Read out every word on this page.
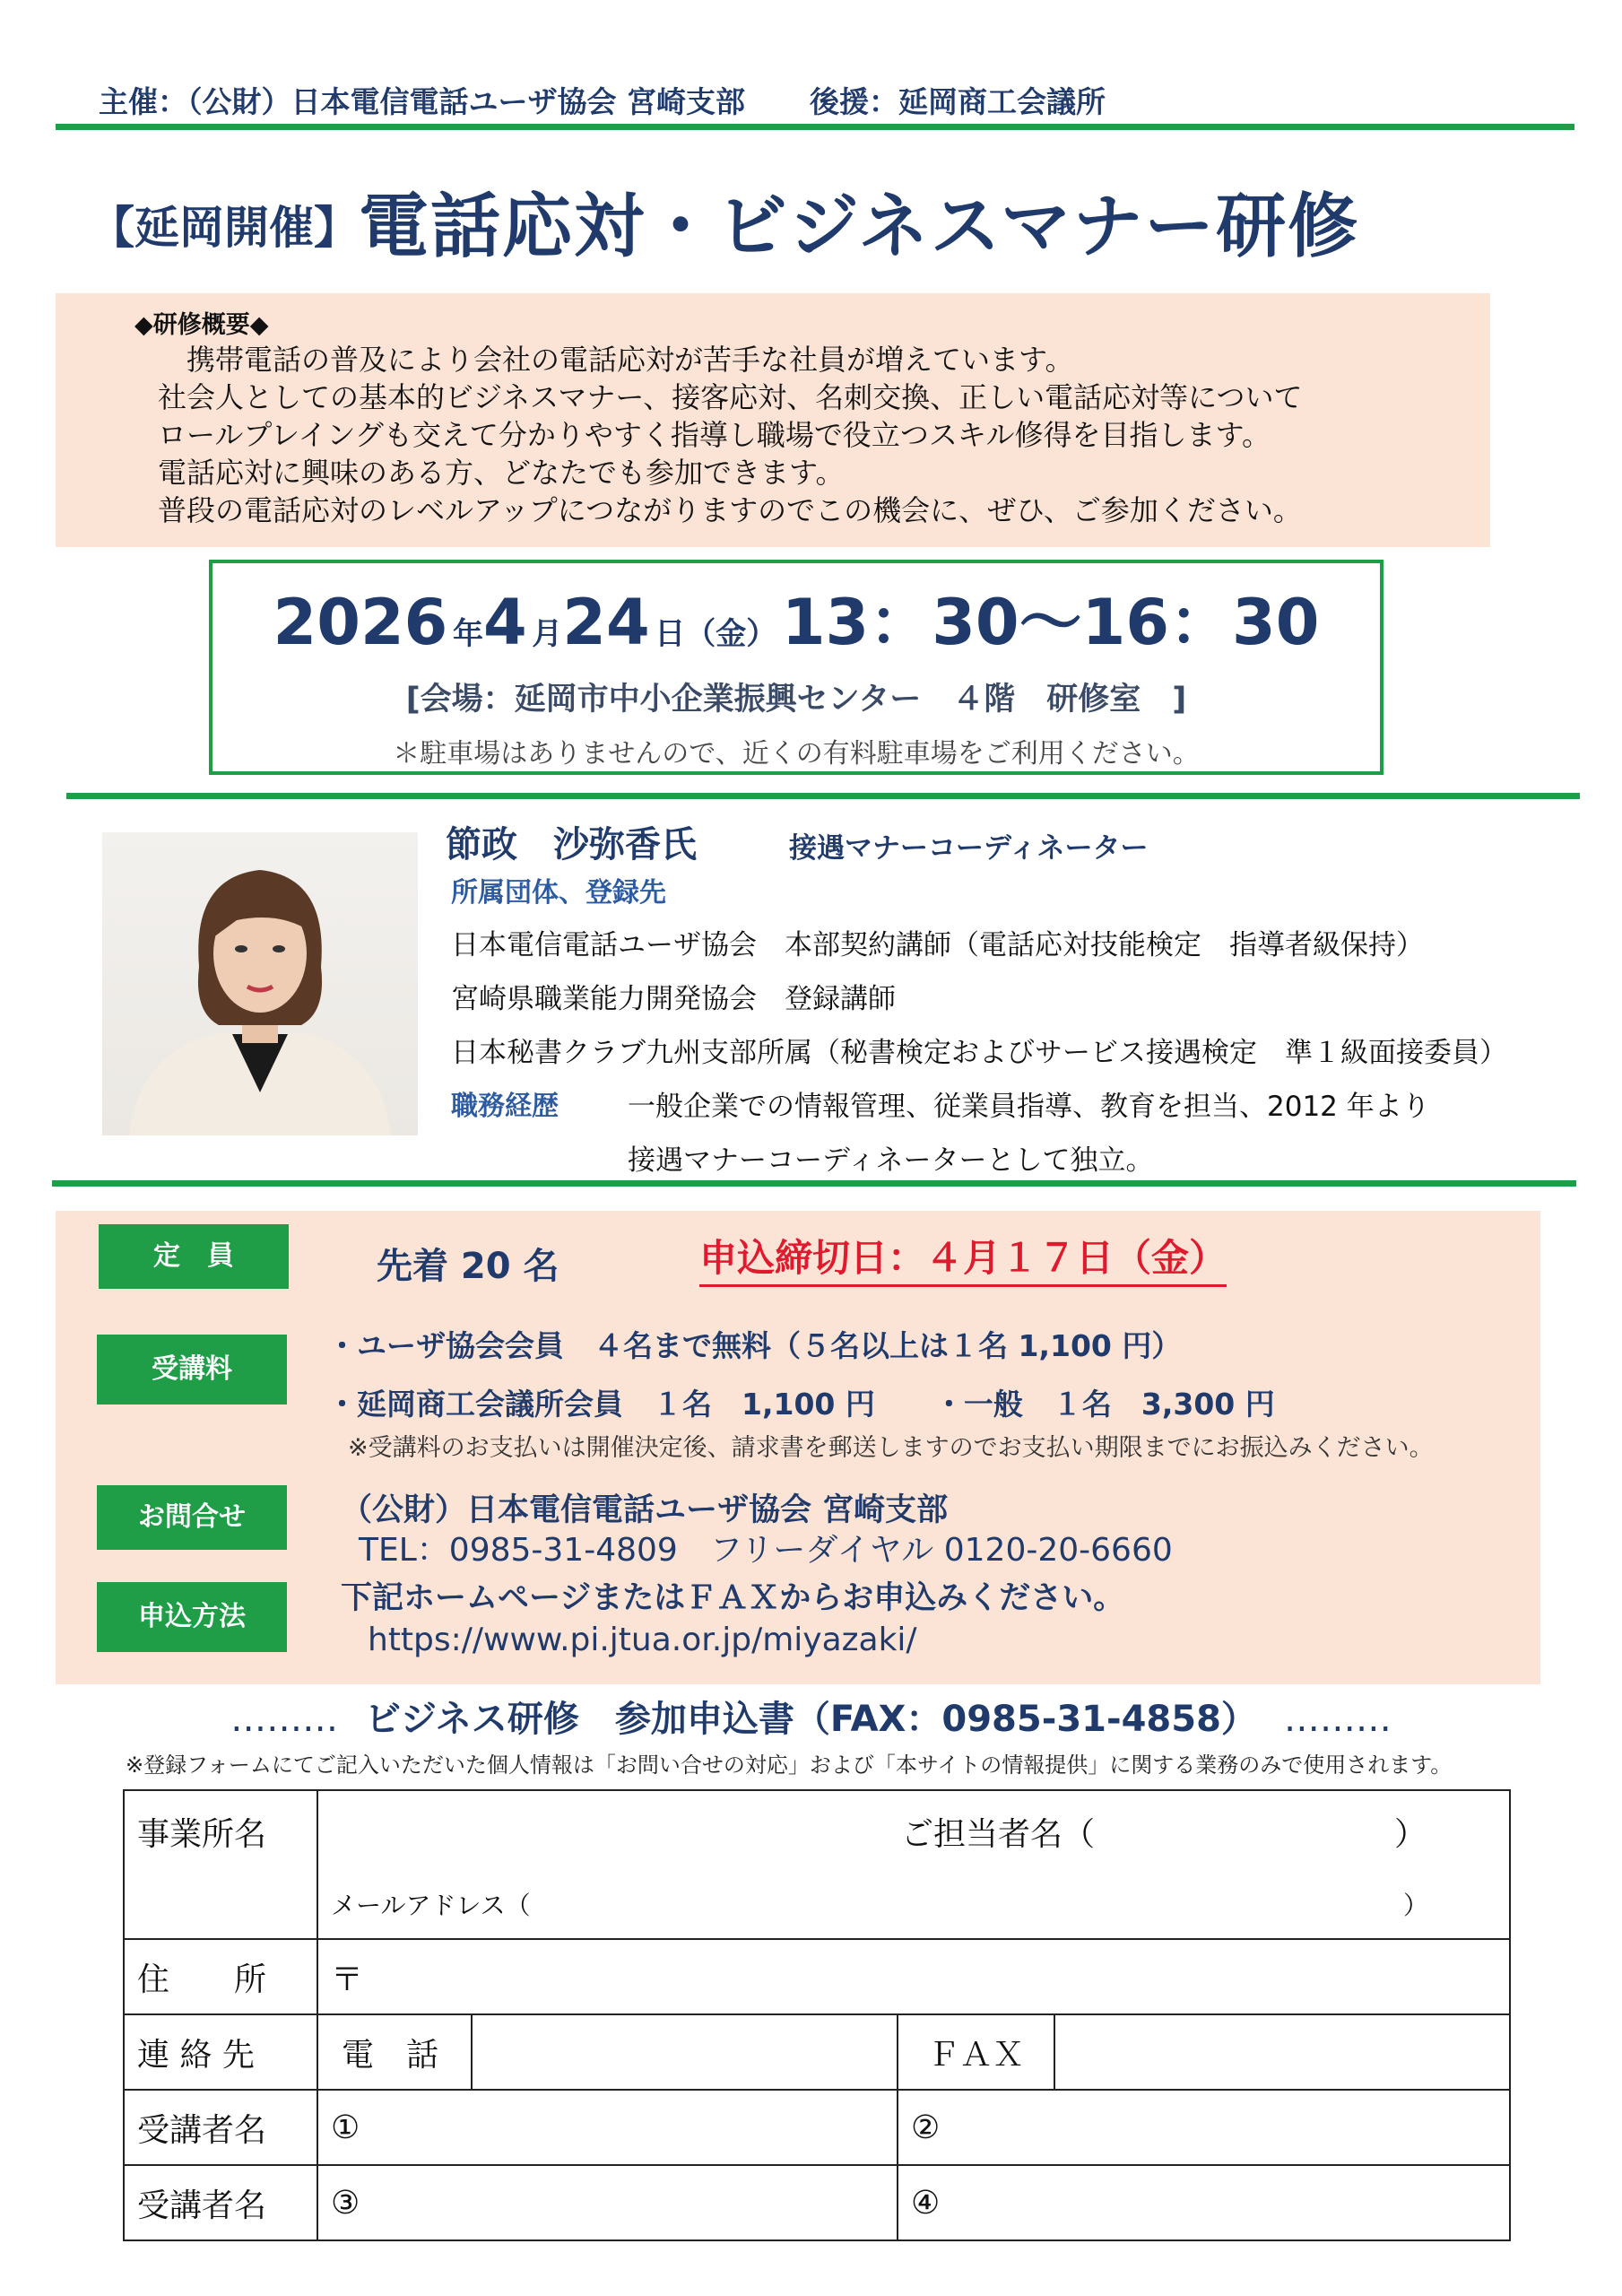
主催：（公財）日本電信電話ユーザ協会 宮崎支部 後援：延岡商工会議所
【延岡開催】電話応対・ビジネスマナー研修
◆研修概要◆
　携帯電話の普及により会社の電話応対が苦手な社員が増えています。
社会人としての基本的ビジネスマナー、接客応対、名刺交換、正しい電話応対等について
ロールプレイングも交えて分かりやすく指導し職場で役立つスキル修得を目指します。
電話応対に興味のある方、どなたでも参加できます。
普段の電話応対のレベルアップにつながりますのでこの機会に、ぜひ、ご参加ください。
2026 年4 月24 日（金） 13：30～16：30
[会場：延岡市中小企業振興センター　４階　研修室　]
＊駐車場はありませんので、近くの有料駐車場をご利用ください。
節政　沙弥香氏	接遇マナーコーディネーター
所属団体、登録先
日本電信電話ユーザ協会　本部契約講師（電話応対技能検定　指導者級保持）
宮崎県職業能力開発協会　登録講師
日本秘書クラブ九州支部所属（秘書検定およびサービス接遇検定　準１級面接委員）
職務経歴 一般企業での情報管理、従業員指導、教育を担当、2012 年より
接遇マナーコーディネーターとして独立。
定　員	先着 20 名	申込締切日：４月１７日（金）
受講料
・ユーザ協会会員　４名まで無料（５名以上は１名 1,100 円）
・延岡商工会議所会員　１名　1,100 円　　・一般　１名　3,300 円
※受講料のお支払いは開催決定後、請求書を郵送しますのでお支払い期限までにお振込みください。
お問合せ	（公財）日本電信電話ユーザ協会 宮崎支部
TEL：0985-31-4809　フリーダイヤル 0120-20-6660
申込方法
下記ホームページまたはＦＡＸからお申込みください。
https://www.pi.jtua.or.jp/miyazaki/
……… ビジネス研修　参加申込書（FAX：0985-31-4858） ………
※登録フォームにてご記入いただいた個人情報は「お問い合せの対応」および「本サイトの情報提供」に関する業務のみで使用されます。
事業所名	ご担当者名（ ）
メールアドレス（ ）			

住　　所	〒			
連 絡 先	電　話		ＦＡＸ	
受講者名	①		②	
受講者名	③		④	
